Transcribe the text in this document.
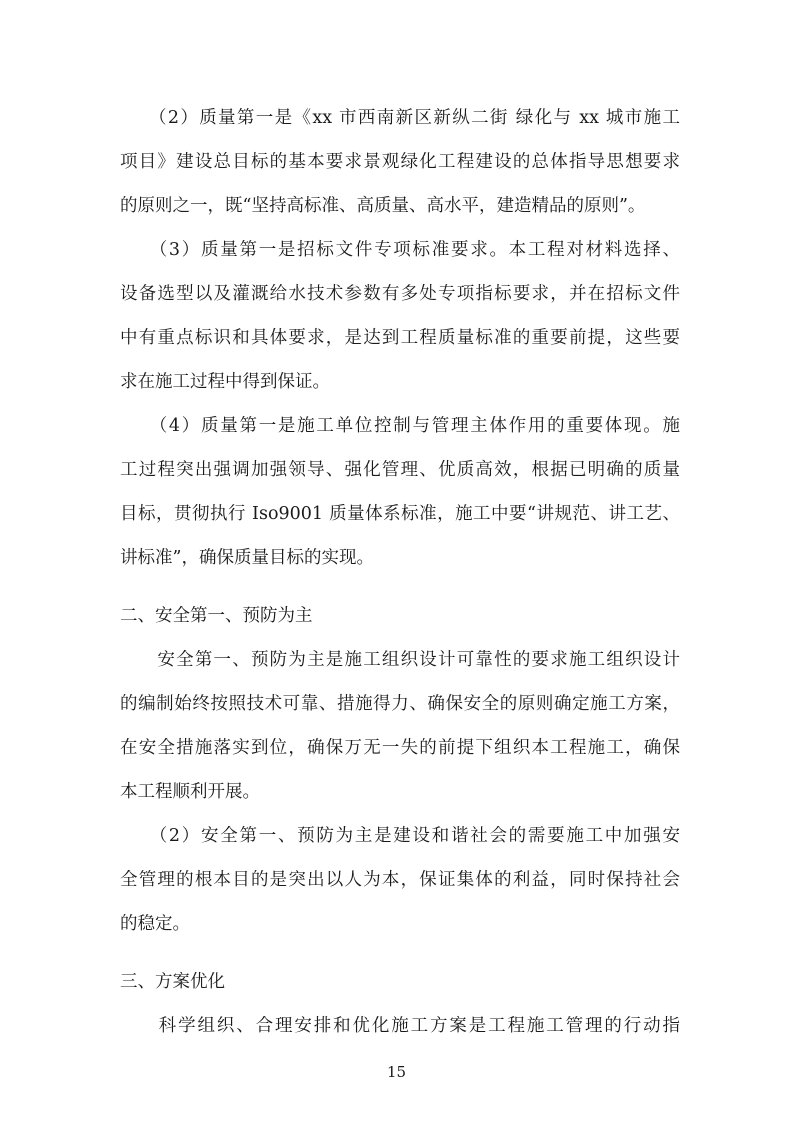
　　（2）质量第一是《xx 市西南新区新纵二街 绿化与 xx 城市施工
项目》建设总目标的基本要求景观绿化工程建设的总体指导思想要求
的原则之一，既“坚持高标准、高质量、高水平，建造精品的原则”。
　　（3）质量第一是招标文件专项标准要求。本工程对材料选择、
设备选型以及灌溉给水技术参数有多处专项指标要求，并在招标文件
中有重点标识和具体要求，是达到工程质量标准的重要前提，这些要
求在施工过程中得到保证。
　　（4）质量第一是施工单位控制与管理主体作用的重要体现。施
工过程突出强调加强领导、强化管理、优质高效，根据已明确的质量
目标，贯彻执行 Iso9001 质量体系标准，施工中要“讲规范、讲工艺、
讲标准”，确保质量目标的实现。
二、安全第一、预防为主
　　安全第一、预防为主是施工组织设计可靠性的要求施工组织设计
的编制始终按照技术可靠、措施得力、确保安全的原则确定施工方案，
在安全措施落实到位，确保万无一失的前提下组织本工程施工，确保
本工程顺利开展。
　　（2）安全第一、预防为主是建设和谐社会的需要施工中加强安
全管理的根本目的是突出以人为本，保证集体的利益，同时保持社会
的稳定。
三、方案优化
　　科学组织、合理安排和优化施工方案是工程施工管理的行动指
15
